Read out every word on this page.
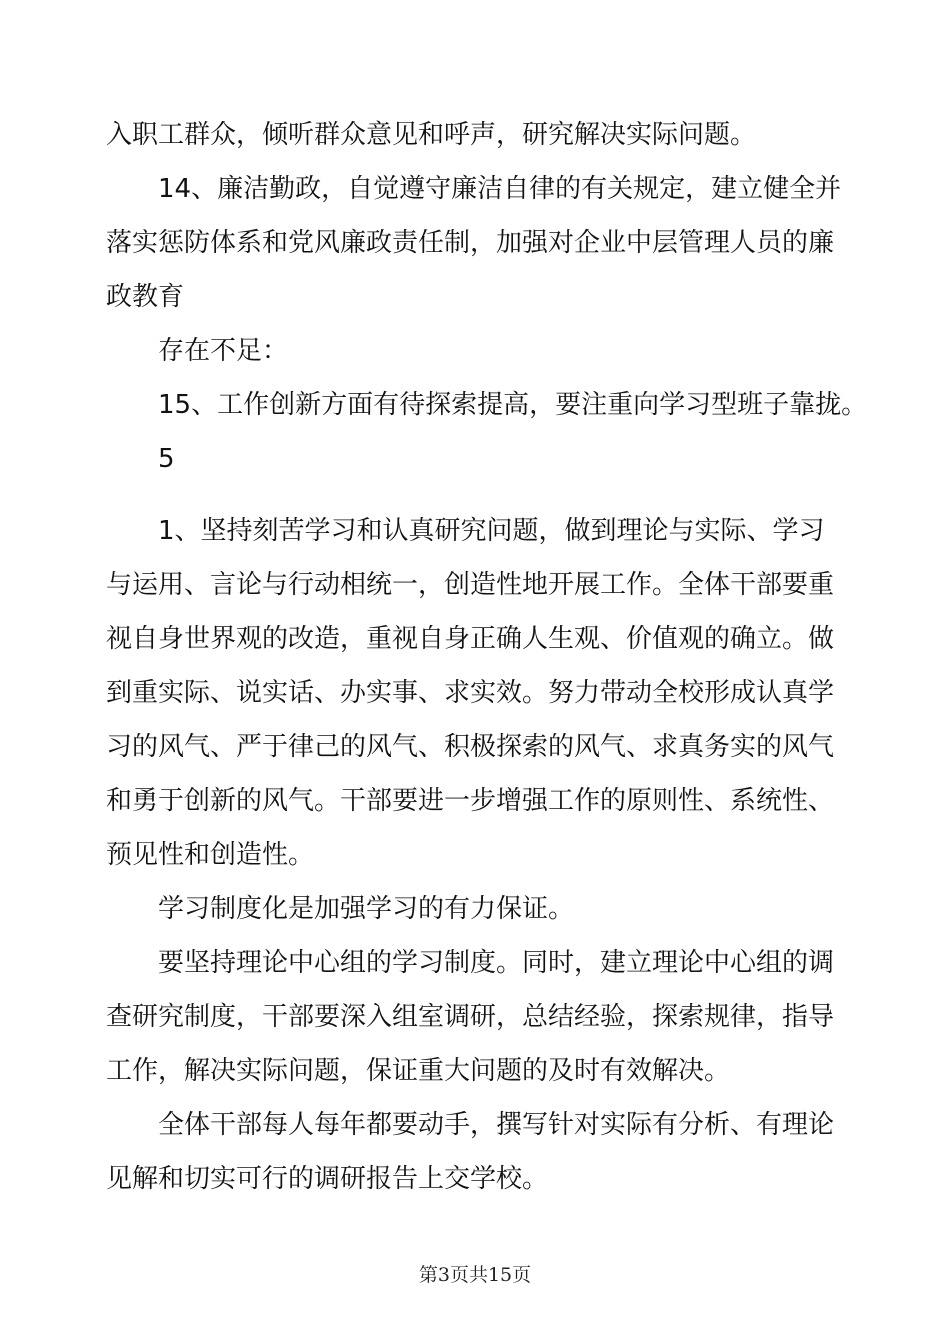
入职工群众，倾听群众意见和呼声，研究解决实际问题。
14、廉洁勤政，自觉遵守廉洁自律的有关规定，建立健全并
落实惩防体系和党风廉政责任制，加强对企业中层管理人员的廉
政教育
存在不足：
15、工作创新方面有待探索提高，要注重向学习型班子靠拢。
5
1、坚持刻苦学习和认真研究问题，做到理论与实际、学习
与运用、言论与行动相统一，创造性地开展工作。全体干部要重
视自身世界观的改造，重视自身正确人生观、价值观的确立。做
到重实际、说实话、办实事、求实效。努力带动全校形成认真学
习的风气、严于律己的风气、积极探索的风气、求真务实的风气
和勇于创新的风气。干部要进一步增强工作的原则性、系统性、
预见性和创造性。
学习制度化是加强学习的有力保证。
要坚持理论中心组的学习制度。同时，建立理论中心组的调
查研究制度，干部要深入组室调研，总结经验，探索规律，指导
工作，解决实际问题，保证重大问题的及时有效解决。
全体干部每人每年都要动手，撰写针对实际有分析、有理论
见解和切实可行的调研报告上交学校。
第3页共15页
